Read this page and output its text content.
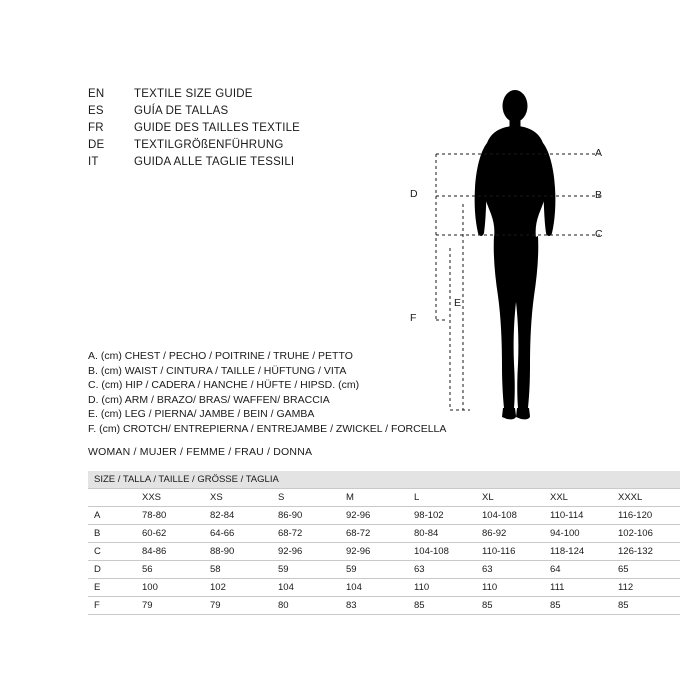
EN	TEXTILE SIZE GUIDE
ES	GUÍA DE TALLAS
FR	GUIDE DES TAILLES TEXTILE
DE	TEXTILGRÖßENFÜHRUNG
IT	GUIDA ALLE TAGLIE TESSILI
A
B
C
D
E
F
A. (cm) CHEST / PECHO / POITRINE / TRUHE / PETTO
B. (cm) WAIST / CINTURA / TAILLE / HÜFTUNG / VITA
C. (cm) HIP / CADERA / HANCHE / HÜFTE / HIPSD. (cm)
D. (cm) ARM / BRAZO/ BRAS/ WAFFEN/ BRACCIA
E. (cm) LEG / PIERNA/ JAMBE / BEIN / GAMBA
F. (cm) CROTCH/ ENTREPIERNA / ENTREJAMBE / ZWICKEL / FORCELLA
WOMAN / MUJER / FEMME / FRAU / DONNA
SIZE / TALLA / TAILLE / GRÖSSE / TAGLIA								
	XXS	XS	S	M	L	XL	XXL	XXXL
A	78-80	82-84	86-90	92-96	98-102	104-108	110-114	116-120
B	60-62	64-66	68-72	68-72	80-84	86-92	94-100	102-106
C	84-86	88-90	92-96	92-96	104-108	110-116	118-124	126-132
D	56	58	59	59	63	63	64	65
E	100	102	104	104	110	110	111	112
F	79	79	80	83	85	85	85	85
